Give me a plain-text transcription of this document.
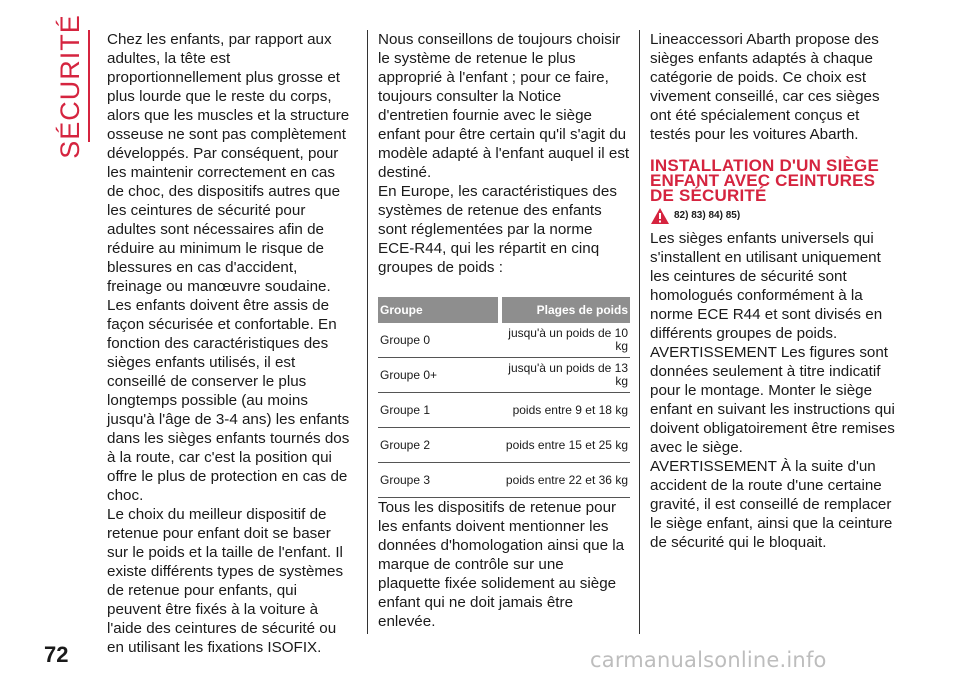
SÉCURITÉ Chez les enfants, par rapport aux adultes, la tête est proportionnellement plus grosse et plus lourde que le reste du corps, alors que les muscles et la structure osseuse ne sont pas complètement développés. Par conséquent, pour les maintenir correctement en cas de choc, des dispositifs autres que les ceintures de sécurité pour adultes sont nécessaires afin de réduire au minimum le risque de blessures en cas d'accident, freinage ou manœuvre soudaine.

Les enfants doivent être assis de façon sécurisée et confortable. En fonction des caractéristiques des sièges enfants utilisés, il est conseillé de conserver le plus longtemps possible (au moins jusqu'à l'âge de 3-4 ans) les enfants dans les sièges enfants tournés dos à la route, car c'est la position qui offre le plus de protection en cas de choc.

Le choix du meilleur dispositif de retenue pour enfant doit se baser sur le poids et la taille de l'enfant. Il existe différents types de systèmes de retenue pour enfants, qui peuvent être fixés à la voiture à l'aide des ceintures de sécurité ou en utilisant les fixations ISOFIX.

Nous conseillons de toujours choisir le système de retenue le plus approprié à l'enfant ; pour ce faire, toujours consulter la Notice d'entretien fournie avec le siège enfant pour être certain qu'il s'agit du modèle adapté à l'enfant auquel il est destiné.

En Europe, les caractéristiques des systèmes de retenue des enfants sont réglementées par la norme ECE-R44, qui les répartit en cinq groupes de poids :

Groupe	Plages de poids
Groupe 0	jusqu'à un poids de 10 kg
Groupe 0+	jusqu'à un poids de 13 kg
Groupe 1	poids entre 9 et 18 kg
Groupe 2	poids entre 15 et 25 kg
Groupe 3	poids entre 22 et 36 kg

Tous les dispositifs de retenue pour les enfants doivent mentionner les données d'homologation ainsi que la marque de contrôle sur une plaquette fixée solidement au siège enfant qui ne doit jamais être enlevée.

Lineaccessori Abarth propose des sièges enfants adaptés à chaque catégorie de poids. Ce choix est vivement conseillé, car ces sièges ont été spécialement conçus et testés pour les voitures Abarth.

INSTALLATION D'UN SIÈGE ENFANT AVEC CEINTURES DE SÉCURITÉ
82) 83) 84) 85)

Les sièges enfants universels qui s'installent en utilisant uniquement les ceintures de sécurité sont homologués conformément à la norme ECE R44 et sont divisés en différents groupes de poids.

AVERTISSEMENT Les figures sont données seulement à titre indicatif pour le montage. Monter le siège enfant en suivant les instructions qui doivent obligatoirement être remises avec le siège.

AVERTISSEMENT À la suite d'un accident de la route d'une certaine gravité, il est conseillé de remplacer le siège enfant, ainsi que la ceinture de sécurité qui le bloquait.

72	carmanualsonline.info
